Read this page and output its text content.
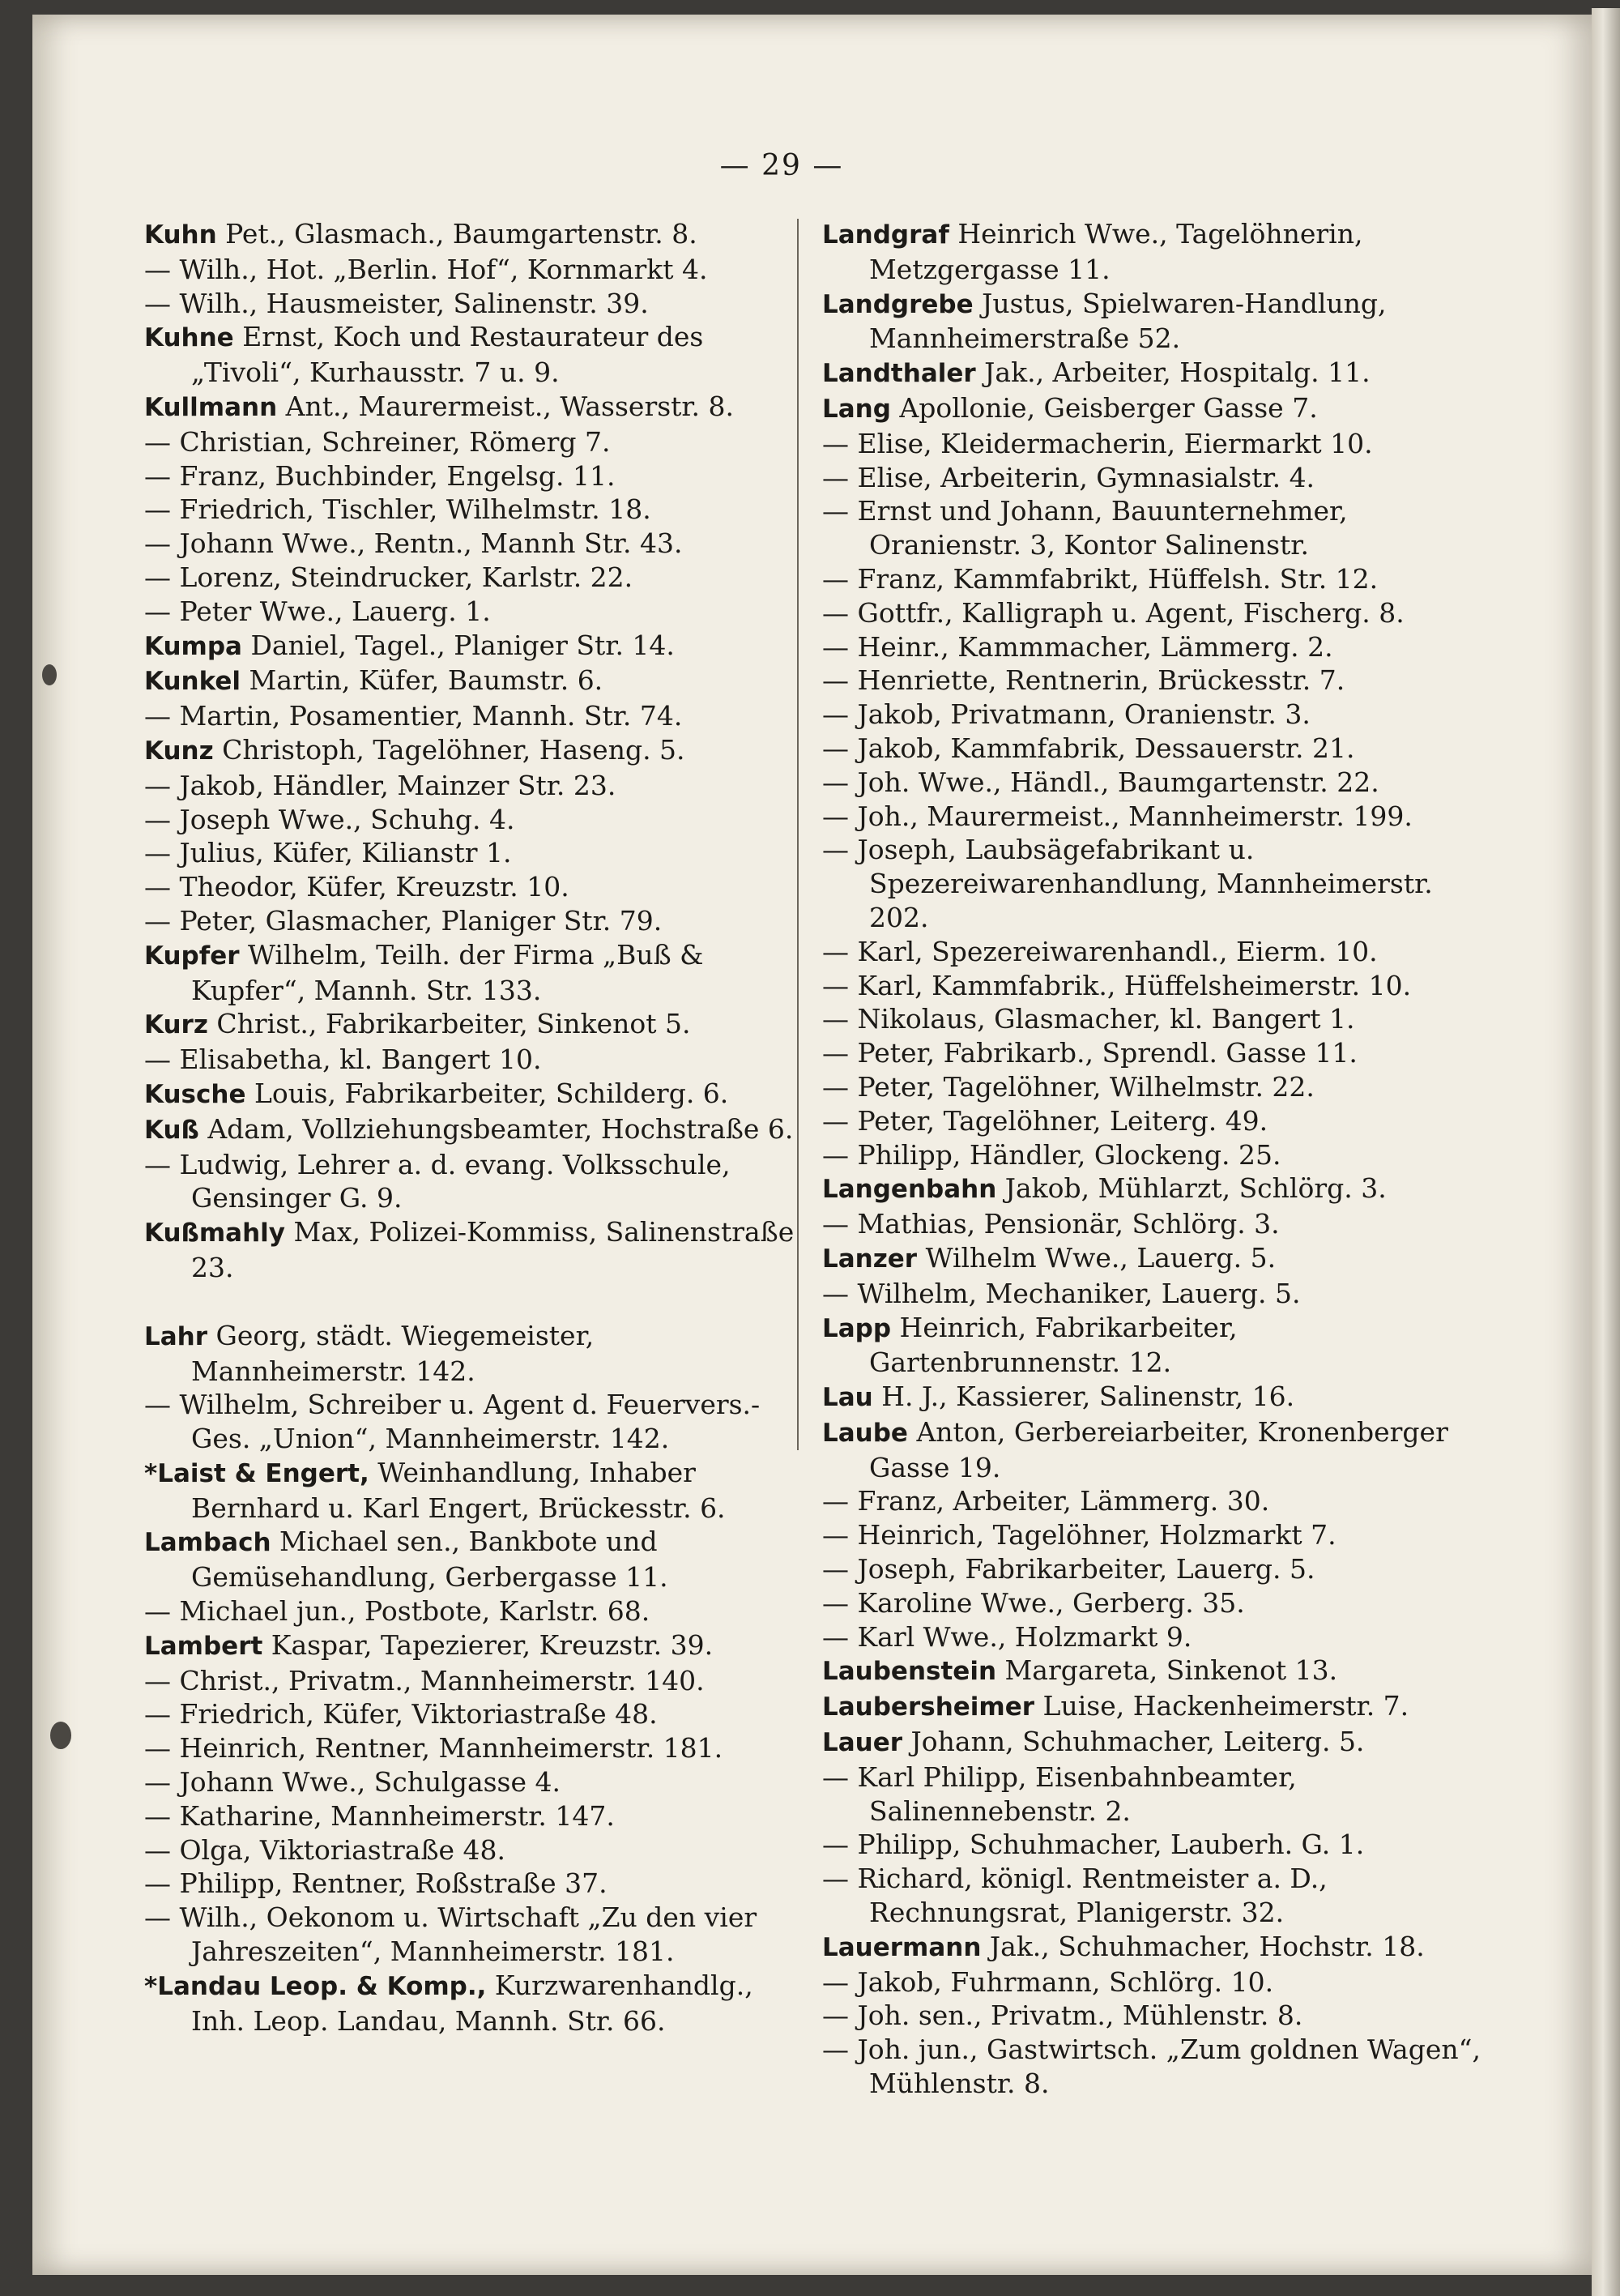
— 29 —
Kuhn Pet., Glasmach., Baumgartenstr. 8.
— Wilh., Hot. „Berlin. Hof“, Kornmarkt 4.
— Wilh., Hausmeister, Salinenstr. 39.
Kuhne Ernst, Koch und Restaurateur des „Tivoli“, Kurhausstr. 7 u. 9.
Kullmann Ant., Maurermeist., Wasserstr. 8.
— Christian, Schreiner, Römerg 7.
— Franz, Buchbinder, Engelsg. 11.
— Friedrich, Tischler, Wilhelmstr. 18.
— Johann Wwe., Rentn., Mannh Str. 43.
— Lorenz, Steindrucker, Karlstr. 22.
— Peter Wwe., Lauerg. 1.
Kumpa Daniel, Tagel., Planiger Str. 14.
Kunkel Martin, Küfer, Baumstr. 6.
— Martin, Posamentier, Mannh. Str. 74.
Kunz Christoph, Tagelöhner, Haseng. 5.
— Jakob, Händler, Mainzer Str. 23.
— Joseph Wwe., Schuhg. 4.
— Julius, Küfer, Kilianstr 1.
— Theodor, Küfer, Kreuzstr. 10.
— Peter, Glasmacher, Planiger Str. 79.
Kupfer Wilhelm, Teilh. der Firma „Buß & Kupfer“, Mannh. Str. 133.
Kurz Christ., Fabrikarbeiter, Sinkenot 5.
— Elisabetha, kl. Bangert 10.
Kusche Louis, Fabrikarbeiter, Schilderg. 6.
Kuß Adam, Vollziehungsbeamter, Hochstraße 6.
— Ludwig, Lehrer a. d. evang. Volksschule, Gensinger G. 9.
Kußmahly Max, Polizei-Kommiss, Salinenstraße 23.
Lahr Georg, städt. Wiegemeister, Mannheimerstr. 142.
— Wilhelm, Schreiber u. Agent d. Feuervers.-Ges. „Union“, Mannheimerstr. 142.
*Laist & Engert, Weinhandlung, Inhaber Bernhard u. Karl Engert, Brückesstr. 6.
Lambach Michael sen., Bankbote und Gemüsehandlung, Gerbergasse 11.
— Michael jun., Postbote, Karlstr. 68.
Lambert Kaspar, Tapezierer, Kreuzstr. 39.
— Christ., Privatm., Mannheimerstr. 140.
— Friedrich, Küfer, Viktoriastraße 48.
— Heinrich, Rentner, Mannheimerstr. 181.
— Johann Wwe., Schulgasse 4.
— Katharine, Mannheimerstr. 147.
— Olga, Viktoriastraße 48.
— Philipp, Rentner, Roßstraße 37.
— Wilh., Oekonom u. Wirtschaft „Zu den vier Jahreszeiten“, Mannheimerstr. 181.
*Landau Leop. & Komp., Kurzwarenhandlg., Inh. Leop. Landau, Mannh. Str. 66.
Landgraf Heinrich Wwe., Tagelöhnerin, Metzgergasse 11.
Landgrebe Justus, Spielwaren-Handlung, Mannheimerstraße 52.
Landthaler Jak., Arbeiter, Hospitalg. 11.
Lang Apollonie, Geisberger Gasse 7.
— Elise, Kleidermacherin, Eiermarkt 10.
— Elise, Arbeiterin, Gymnasialstr. 4.
— Ernst und Johann, Bauunternehmer, Oranienstr. 3, Kontor Salinenstr.
— Franz, Kammfabrikt, Hüffelsh. Str. 12.
— Gottfr., Kalligraph u. Agent, Fischerg. 8.
— Heinr., Kammmacher, Lämmerg. 2.
— Henriette, Rentnerin, Brückesstr. 7.
— Jakob, Privatmann, Oranienstr. 3.
— Jakob, Kammfabrik, Dessauerstr. 21.
— Joh. Wwe., Händl., Baumgartenstr. 22.
— Joh., Maurermeist., Mannheimerstr. 199.
— Joseph, Laubsägefabrikant u. Spezereiwarenhandlung, Mannheimerstr. 202.
— Karl, Spezereiwarenhandl., Eierm. 10.
— Karl, Kammfabrik., Hüffelsheimerstr. 10.
— Nikolaus, Glasmacher, kl. Bangert 1.
— Peter, Fabrikarb., Sprendl. Gasse 11.
— Peter, Tagelöhner, Wilhelmstr. 22.
— Peter, Tagelöhner, Leiterg. 49.
— Philipp, Händler, Glockeng. 25.
Langenbahn Jakob, Mühlarzt, Schlörg. 3.
— Mathias, Pensionär, Schlörg. 3.
Lanzer Wilhelm Wwe., Lauerg. 5.
— Wilhelm, Mechaniker, Lauerg. 5.
Lapp Heinrich, Fabrikarbeiter, Gartenbrunnenstr. 12.
Lau H. J., Kassierer, Salinenstr, 16.
Laube Anton, Gerbereiarbeiter, Kronenberger Gasse 19.
— Franz, Arbeiter, Lämmerg. 30.
— Heinrich, Tagelöhner, Holzmarkt 7.
— Joseph, Fabrikarbeiter, Lauerg. 5.
— Karoline Wwe., Gerberg. 35.
— Karl Wwe., Holzmarkt 9.
Laubenstein Margareta, Sinkenot 13.
Laubersheimer Luise, Hackenheimerstr. 7.
Lauer Johann, Schuhmacher, Leiterg. 5.
— Karl Philipp, Eisenbahnbeamter, Salinennebenstr. 2.
— Philipp, Schuhmacher, Lauberh. G. 1.
— Richard, königl. Rentmeister a. D., Rechnungsrat, Planigerstr. 32.
Lauermann Jak., Schuhmacher, Hochstr. 18.
— Jakob, Fuhrmann, Schlörg. 10.
— Joh. sen., Privatm., Mühlenstr. 8.
— Joh. jun., Gastwirtsch. „Zum goldnen Wagen“, Mühlenstr. 8.
